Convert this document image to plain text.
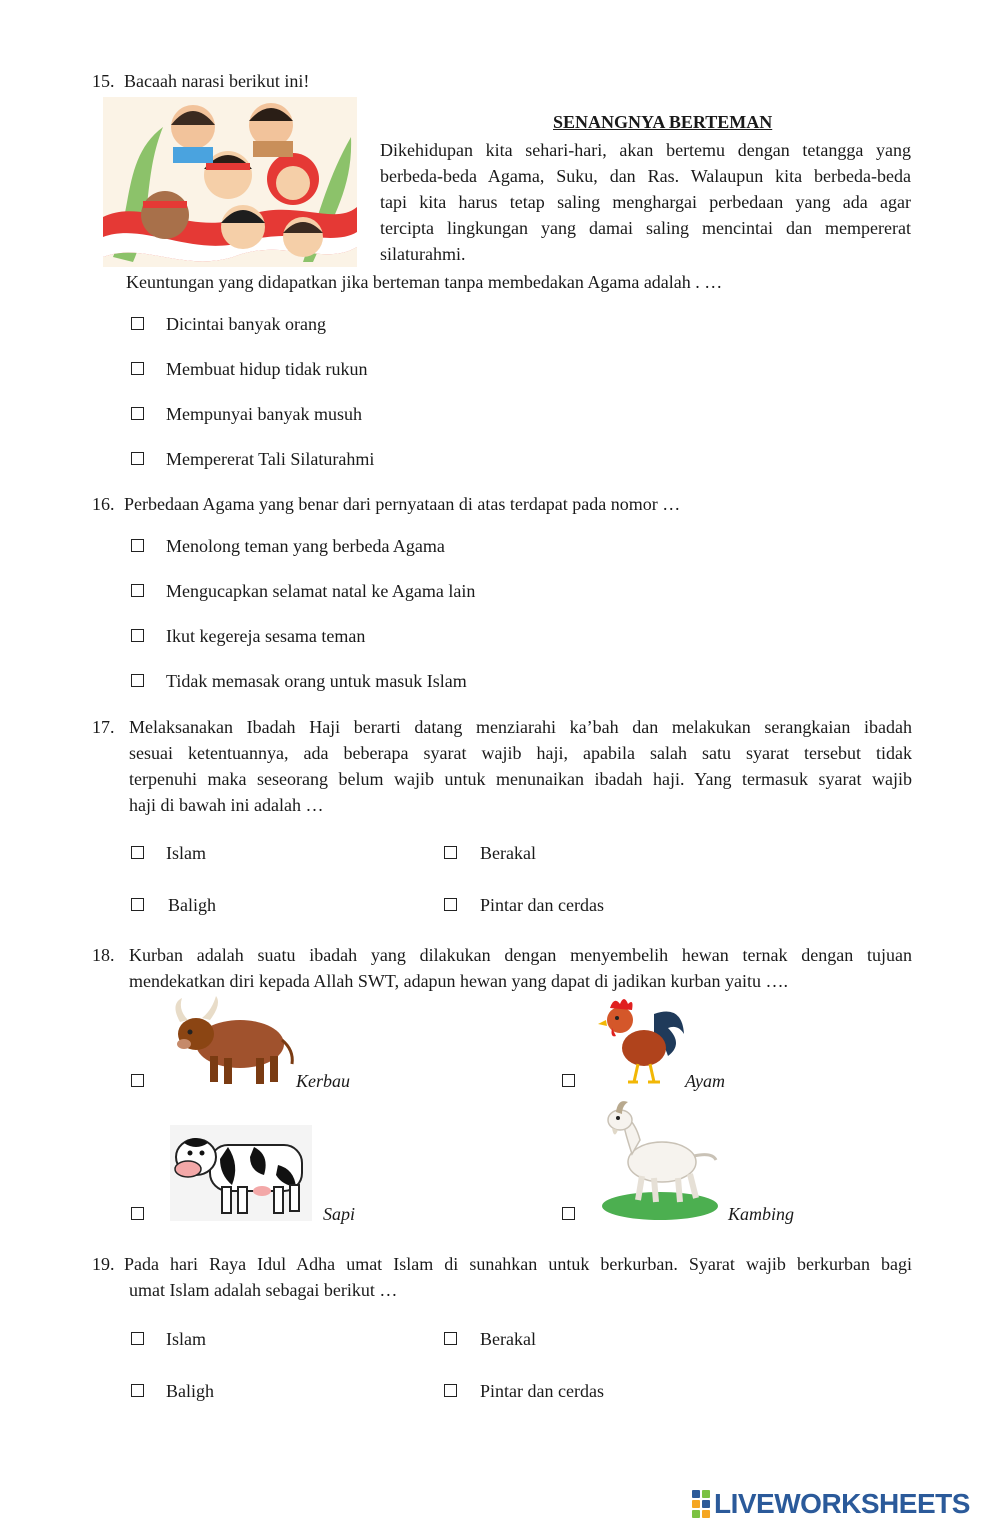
15. Bacaah narasi berikut ini!
SENANGNYA BERTEMAN
Dikehidupan kita sehari-hari, akan bertemu dengan tetangga yang
berbeda-beda Agama, Suku, dan Ras. Walaupun kita berbeda-beda
tapi kita harus tetap saling menghargai perbedaan yang ada agar
tercipta lingkungan yang damai saling mencintai dan mempererat
silaturahmi.
Keuntungan yang didapatkan jika berteman tanpa membedakan Agama adalah . …
Dicintai banyak orang
Membuat hidup tidak rukun
Mempunyai banyak musuh
Mempererat Tali Silaturahmi
16. Perbedaan Agama yang benar dari pernyataan di atas terdapat pada nomor …
Menolong teman yang berbeda Agama
Mengucapkan selamat natal ke Agama lain
Ikut kegereja sesama teman
Tidak memasak orang untuk masuk Islam
17. Melaksanakan Ibadah Haji berarti datang menziarahi ka’bah dan melakukan serangkaian ibadah
sesuai ketentuannya, ada beberapa syarat wajib haji, apabila salah satu syarat tersebut tidak
terpenuhi maka seseorang belum wajib untuk menunaikan ibadah haji. Yang termasuk syarat wajib
haji di bawah ini adalah …
Islam	Berakal
Baligh	Pintar dan cerdas
18. Kurban adalah suatu ibadah yang dilakukan dengan menyembelih hewan ternak dengan tujuan
mendekatkan diri kepada Allah SWT, adapun hewan yang dapat di jadikan kurban yaitu ….
Kerbau	Ayam
Sapi	Kambing
19. Pada hari Raya Idul Adha umat Islam di sunahkan untuk berkurban. Syarat wajib berkurban bagi
umat Islam adalah sebagai berikut …
Islam	Berakal
Baligh	Pintar dan cerdas
LIVEWORKSHEETS
